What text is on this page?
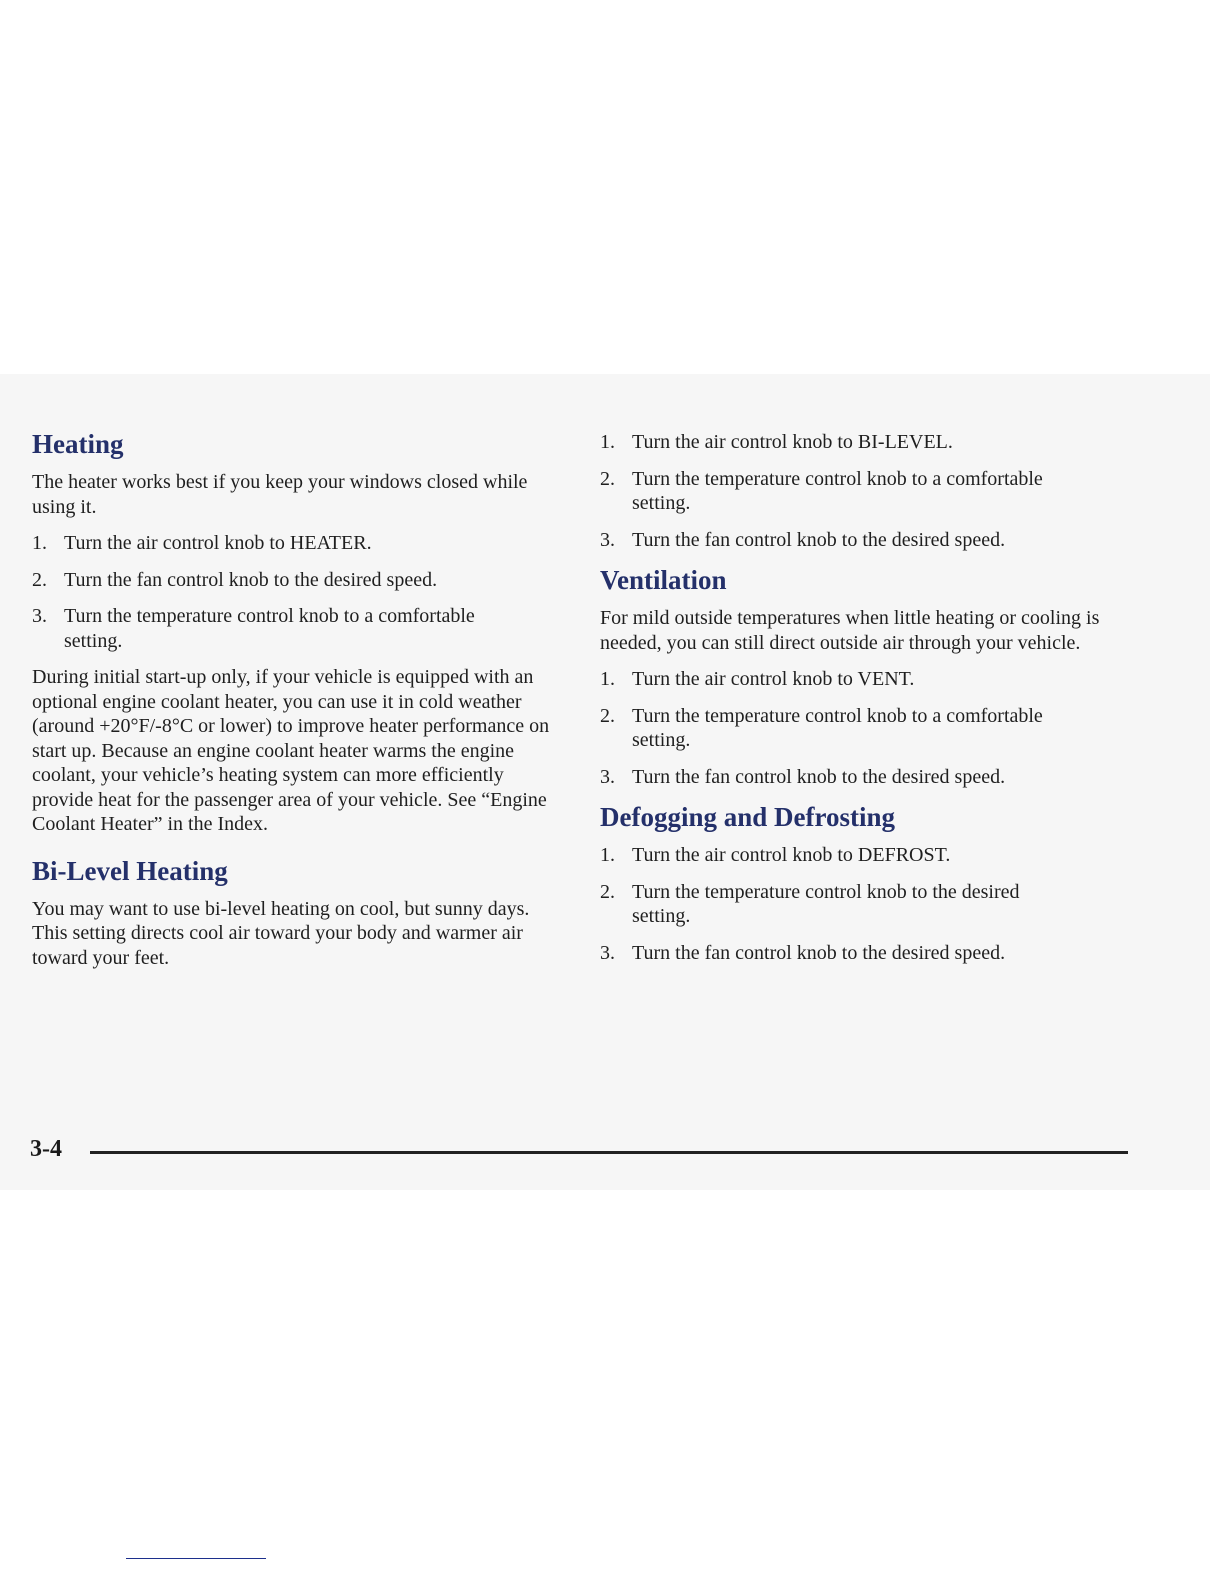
Heating

The heater works best if you keep your windows closed while using it.

1. Turn the air control knob to HEATER.
2. Turn the fan control knob to the desired speed.
3. Turn the temperature control knob to a comfortable setting.

During initial start-up only, if your vehicle is equipped with an optional engine coolant heater, you can use it in cold weather (around +20°F/-8°C or lower) to improve heater performance on start up. Because an engine coolant heater warms the engine coolant, your vehicle’s heating system can more efficiently provide heat for the passenger area of your vehicle. See “Engine Coolant Heater” in the Index.

Bi-Level Heating

You may want to use bi-level heating on cool, but sunny days. This setting directs cool air toward your body and warmer air toward your feet.

1. Turn the air control knob to BI-LEVEL.
2. Turn the temperature control knob to a comfortable setting.
3. Turn the fan control knob to the desired speed.
Ventilation

For mild outside temperatures when little heating or cooling is needed, you can still direct outside air through your vehicle.

1. Turn the air control knob to VENT.
2. Turn the temperature control knob to a comfortable setting.
3. Turn the fan control knob to the desired speed.
Defogging and Defrosting
1. Turn the air control knob to DEFROST.
2. Turn the temperature control knob to the desired setting.
3. Turn the fan control knob to the desired speed.
3-4
